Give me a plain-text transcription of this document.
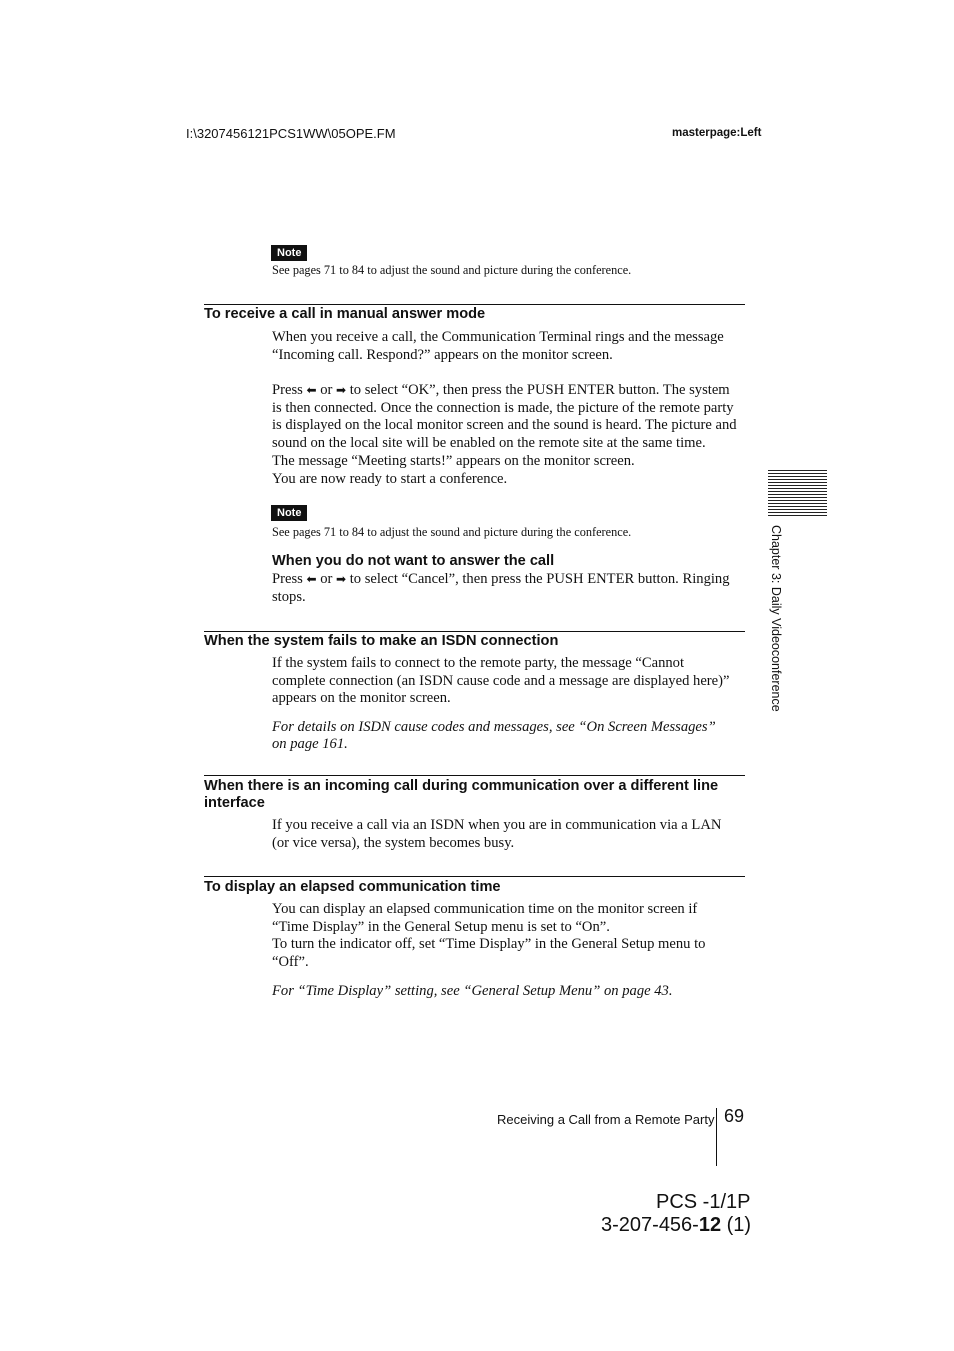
I:\3207456121PCS1WW\05OPE.FM	masterpage:Left
Note
See pages 71 to 84 to adjust the sound and picture during the conference.
To receive a call in manual answer mode
When you receive a call, the Communication Terminal rings and the message
“Incoming call. Respond?” appears on the monitor screen.
Press ⬅ or ➡ to select “OK”, then press the PUSH ENTER button. The system
is then connected. Once the connection is made, the picture of the remote party
is displayed on the local monitor screen and the sound is heard. The picture and
sound on the local site will be enabled on the remote site at the same time.
The message “Meeting starts!” appears on the monitor screen.
You are now ready to start a conference.
Note
See pages 71 to 84 to adjust the sound and picture during the conference.
When you do not want to answer the call
Press ⬅ or ➡ to select “Cancel”, then press the PUSH ENTER button. Ringing
stops.
When the system fails to make an ISDN connection
If the system fails to connect to the remote party, the message “Cannot
complete connection (an ISDN cause code and a message are displayed here)”
appears on the monitor screen.
For details on ISDN cause codes and messages, see “On Screen Messages”
on page 161.
When there is an incoming call during communication over a different line
interface
If you receive a call via an ISDN when you are in communication via a LAN
(or vice versa), the system becomes busy.
To display an elapsed communication time
You can display an elapsed communication time on the monitor screen if
“Time Display” in the General Setup menu is set to “On”.
To turn the indicator off, set “Time Display” in the General Setup menu to
“Off”.
For “Time Display” setting, see “General Setup Menu” on page 43.
Chapter 3: Daily Videoconference
Receiving a Call from a Remote Party 69
PCS -1/1P
3-207-456-12 (1)
